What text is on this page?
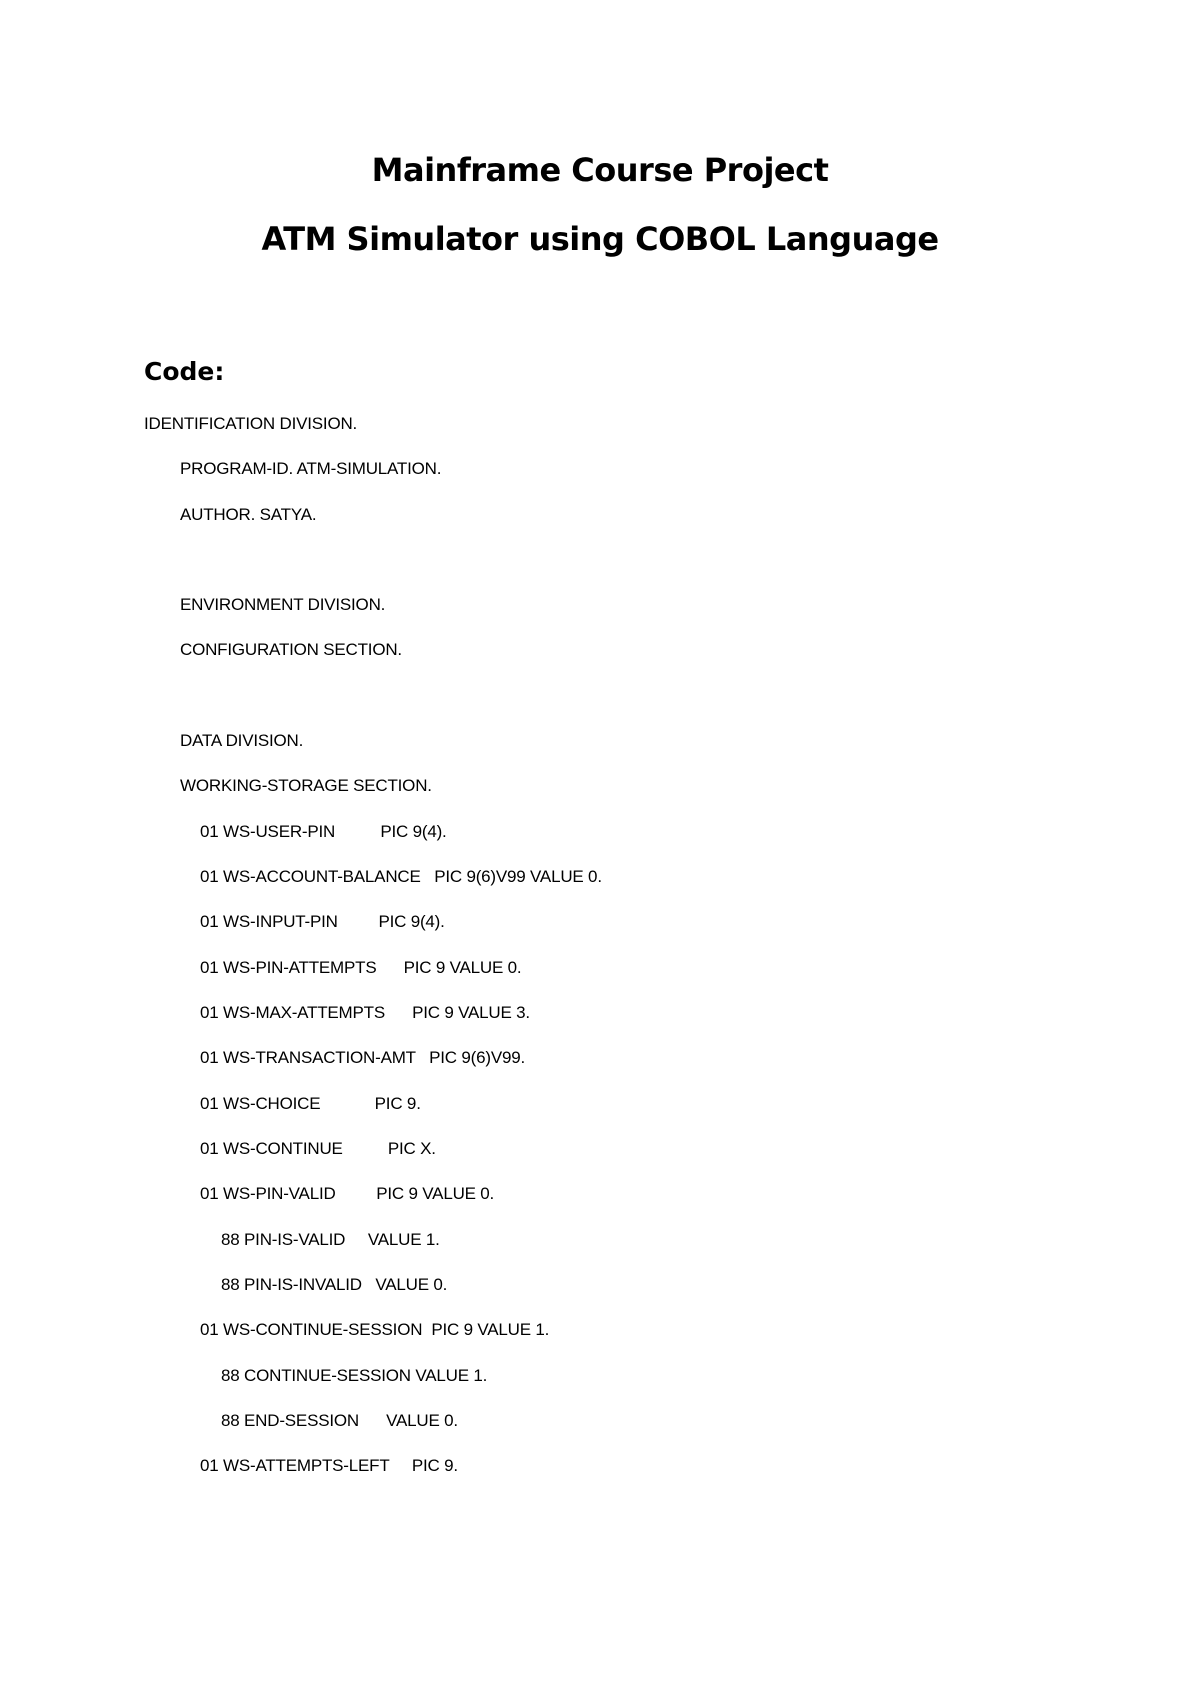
Mainframe Course Project
ATM Simulator using COBOL Language
Code:
IDENTIFICATION DIVISION.
PROGRAM-ID. ATM-SIMULATION.
AUTHOR. SATYA.
ENVIRONMENT DIVISION.
CONFIGURATION SECTION.
DATA DIVISION.
WORKING-STORAGE SECTION.
01 WS-USER-PIN          PIC 9(4).
01 WS-ACCOUNT-BALANCE   PIC 9(6)V99 VALUE 0.
01 WS-INPUT-PIN         PIC 9(4).
01 WS-PIN-ATTEMPTS      PIC 9 VALUE 0.
01 WS-MAX-ATTEMPTS      PIC 9 VALUE 3.
01 WS-TRANSACTION-AMT   PIC 9(6)V99.
01 WS-CHOICE            PIC 9.
01 WS-CONTINUE          PIC X.
01 WS-PIN-VALID         PIC 9 VALUE 0.
88 PIN-IS-VALID     VALUE 1.
88 PIN-IS-INVALID   VALUE 0.
01 WS-CONTINUE-SESSION  PIC 9 VALUE 1.
88 CONTINUE-SESSION VALUE 1.
88 END-SESSION      VALUE 0.
01 WS-ATTEMPTS-LEFT     PIC 9.
